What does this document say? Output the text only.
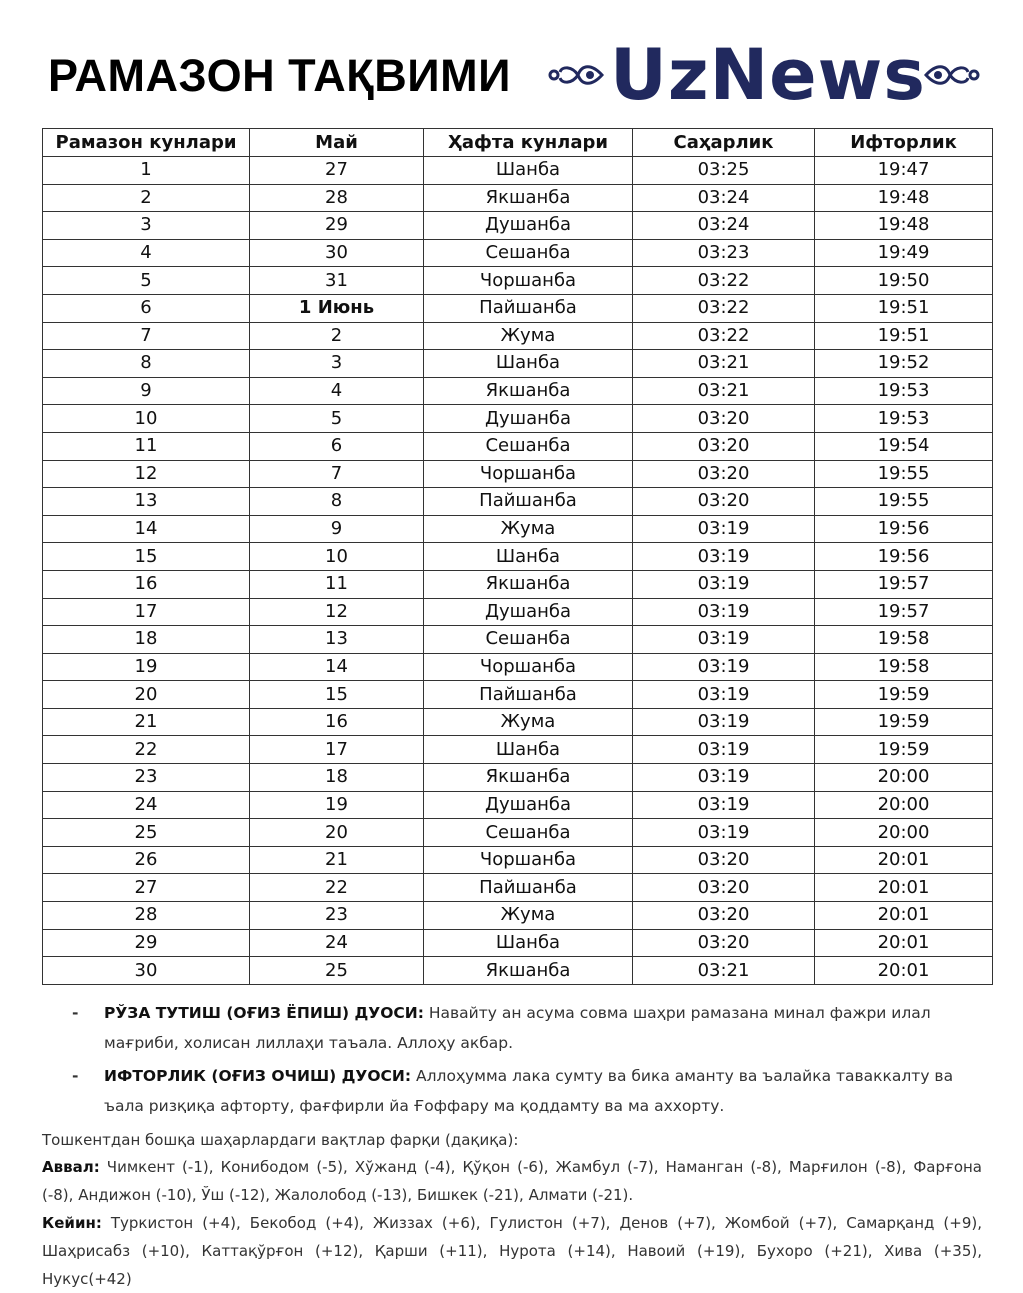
РАМАЗОН ТАҚВИМИ UzNews
Рамазон кунлари	Май	Ҳафта кунлари	Саҳарлик	Ифторлик
1	27	Шанба	03:25	19:47
2	28	Якшанба	03:24	19:48
3	29	Душанба	03:24	19:48
4	30	Сешанба	03:23	19:49
5	31	Чоршанба	03:22	19:50
6	1 Июнь	Пайшанба	03:22	19:51
7	2	Жума	03:22	19:51
8	3	Шанба	03:21	19:52
9	4	Якшанба	03:21	19:53
10	5	Душанба	03:20	19:53
11	6	Сешанба	03:20	19:54
12	7	Чоршанба	03:20	19:55
13	8	Пайшанба	03:20	19:55
14	9	Жума	03:19	19:56
15	10	Шанба	03:19	19:56
16	11	Якшанба	03:19	19:57
17	12	Душанба	03:19	19:57
18	13	Сешанба	03:19	19:58
19	14	Чоршанба	03:19	19:58
20	15	Пайшанба	03:19	19:59
21	16	Жума	03:19	19:59
22	17	Шанба	03:19	19:59
23	18	Якшанба	03:19	20:00
24	19	Душанба	03:19	20:00
25	20	Сешанба	03:19	20:00
26	21	Чоршанба	03:20	20:01
27	22	Пайшанба	03:20	20:01
28	23	Жума	03:20	20:01
29	24	Шанба	03:20	20:01
30	25	Якшанба	03:21	20:01
- РЎЗА ТУТИШ (ОҒИЗ ЁПИШ) ДУОСИ: Навайту ан асума совма шаҳри рамазана минал фажри илал мағриби, холисан лиллаҳи таъала. Аллоҳу акбар.
- ИФТОРЛИК (ОҒИЗ ОЧИШ) ДУОСИ: Аллоҳумма лака сумту ва бика аманту ва ъалайка таваккалту ва ъала ризқиқа афторту, фағфирли йа Ғоффару ма қоддамту ва ма аххорту.
Тошкентдан бошқа шаҳарлардаги вақтлар фарқи (дақиқа):
Аввал: Чимкент (-1), Конибодом (-5), Хўжанд (-4), Қўқон (-6), Жамбул (-7), Наманган (-8), Марғилон (-8), Фарғона (-8), Андижон (-10), Ўш (-12), Жалолобод (-13), Бишкек (-21), Алмати (-21).
Кейин: Туркистон (+4), Бекобод (+4), Жиззах (+6), Гулистон (+7), Денов (+7), Жомбой (+7), Самарқанд (+9), Шаҳрисабз (+10), Каттақўрғон (+12), Қарши (+11), Нурота (+14), Навоий (+19), Бухоро (+21), Хива (+35), Нукус(+42)
